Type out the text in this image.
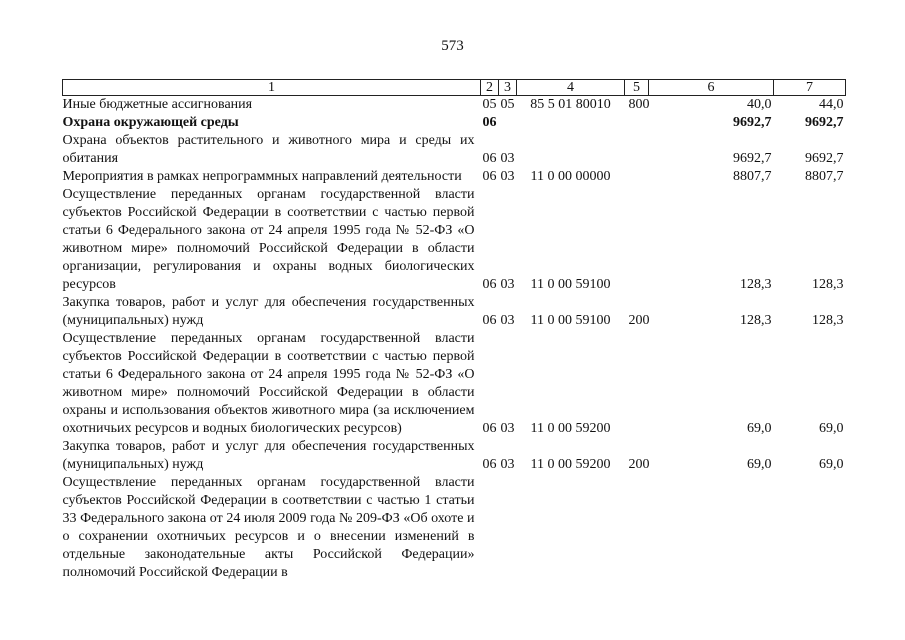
573
1	2	3	4	5	6	7
Иные бюджетные ассигнования	05	05	85 5 01 80010	800	40,0	44,0
Охрана окружающей среды	06				9692,7	9692,7
Охрана объектов растительного и животного мира и среды их обитания	06	03			9692,7	9692,7
Мероприятия в рамках непрограммных направлений деятельности	06	03	11 0 00 00000		8807,7	8807,7
Осуществление переданных органам государственной власти субъектов Российской Федерации в соответствии с частью первой статьи 6 Федерального закона от 24 апреля 1995 года № 52-ФЗ «О животном мире» полномочий Российской Федерации в области организации, регулирования и охраны водных биологических ресурсов	06	03	11 0 00 59100		128,3	128,3
Закупка товаров, работ и услуг для обеспечения государственных (муниципальных) нужд	06	03	11 0 00 59100	200	128,3	128,3
Осуществление переданных органам государственной власти субъектов Российской Федерации в соответствии с частью первой статьи 6 Федерального закона от 24 апреля 1995 года № 52-ФЗ «О животном мире» полномочий Российской Федерации в области охраны и использования объектов животного мира (за исключением охотничьих ресурсов и водных биологических ресурсов)	06	03	11 0 00 59200		69,0	69,0
Закупка товаров, работ и услуг для обеспечения государственных (муниципальных) нужд	06	03	11 0 00 59200	200	69,0	69,0
Осуществление переданных органам государственной власти субъектов Российской Федерации в соответствии с частью 1 статьи 33 Федерального закона от 24 июля 2009 года № 209-ФЗ «Об охоте и о сохранении охотничьих ресурсов и о внесении изменений в отдельные законодательные акты Российской Федерации» полномочий Российской Федерации в						
